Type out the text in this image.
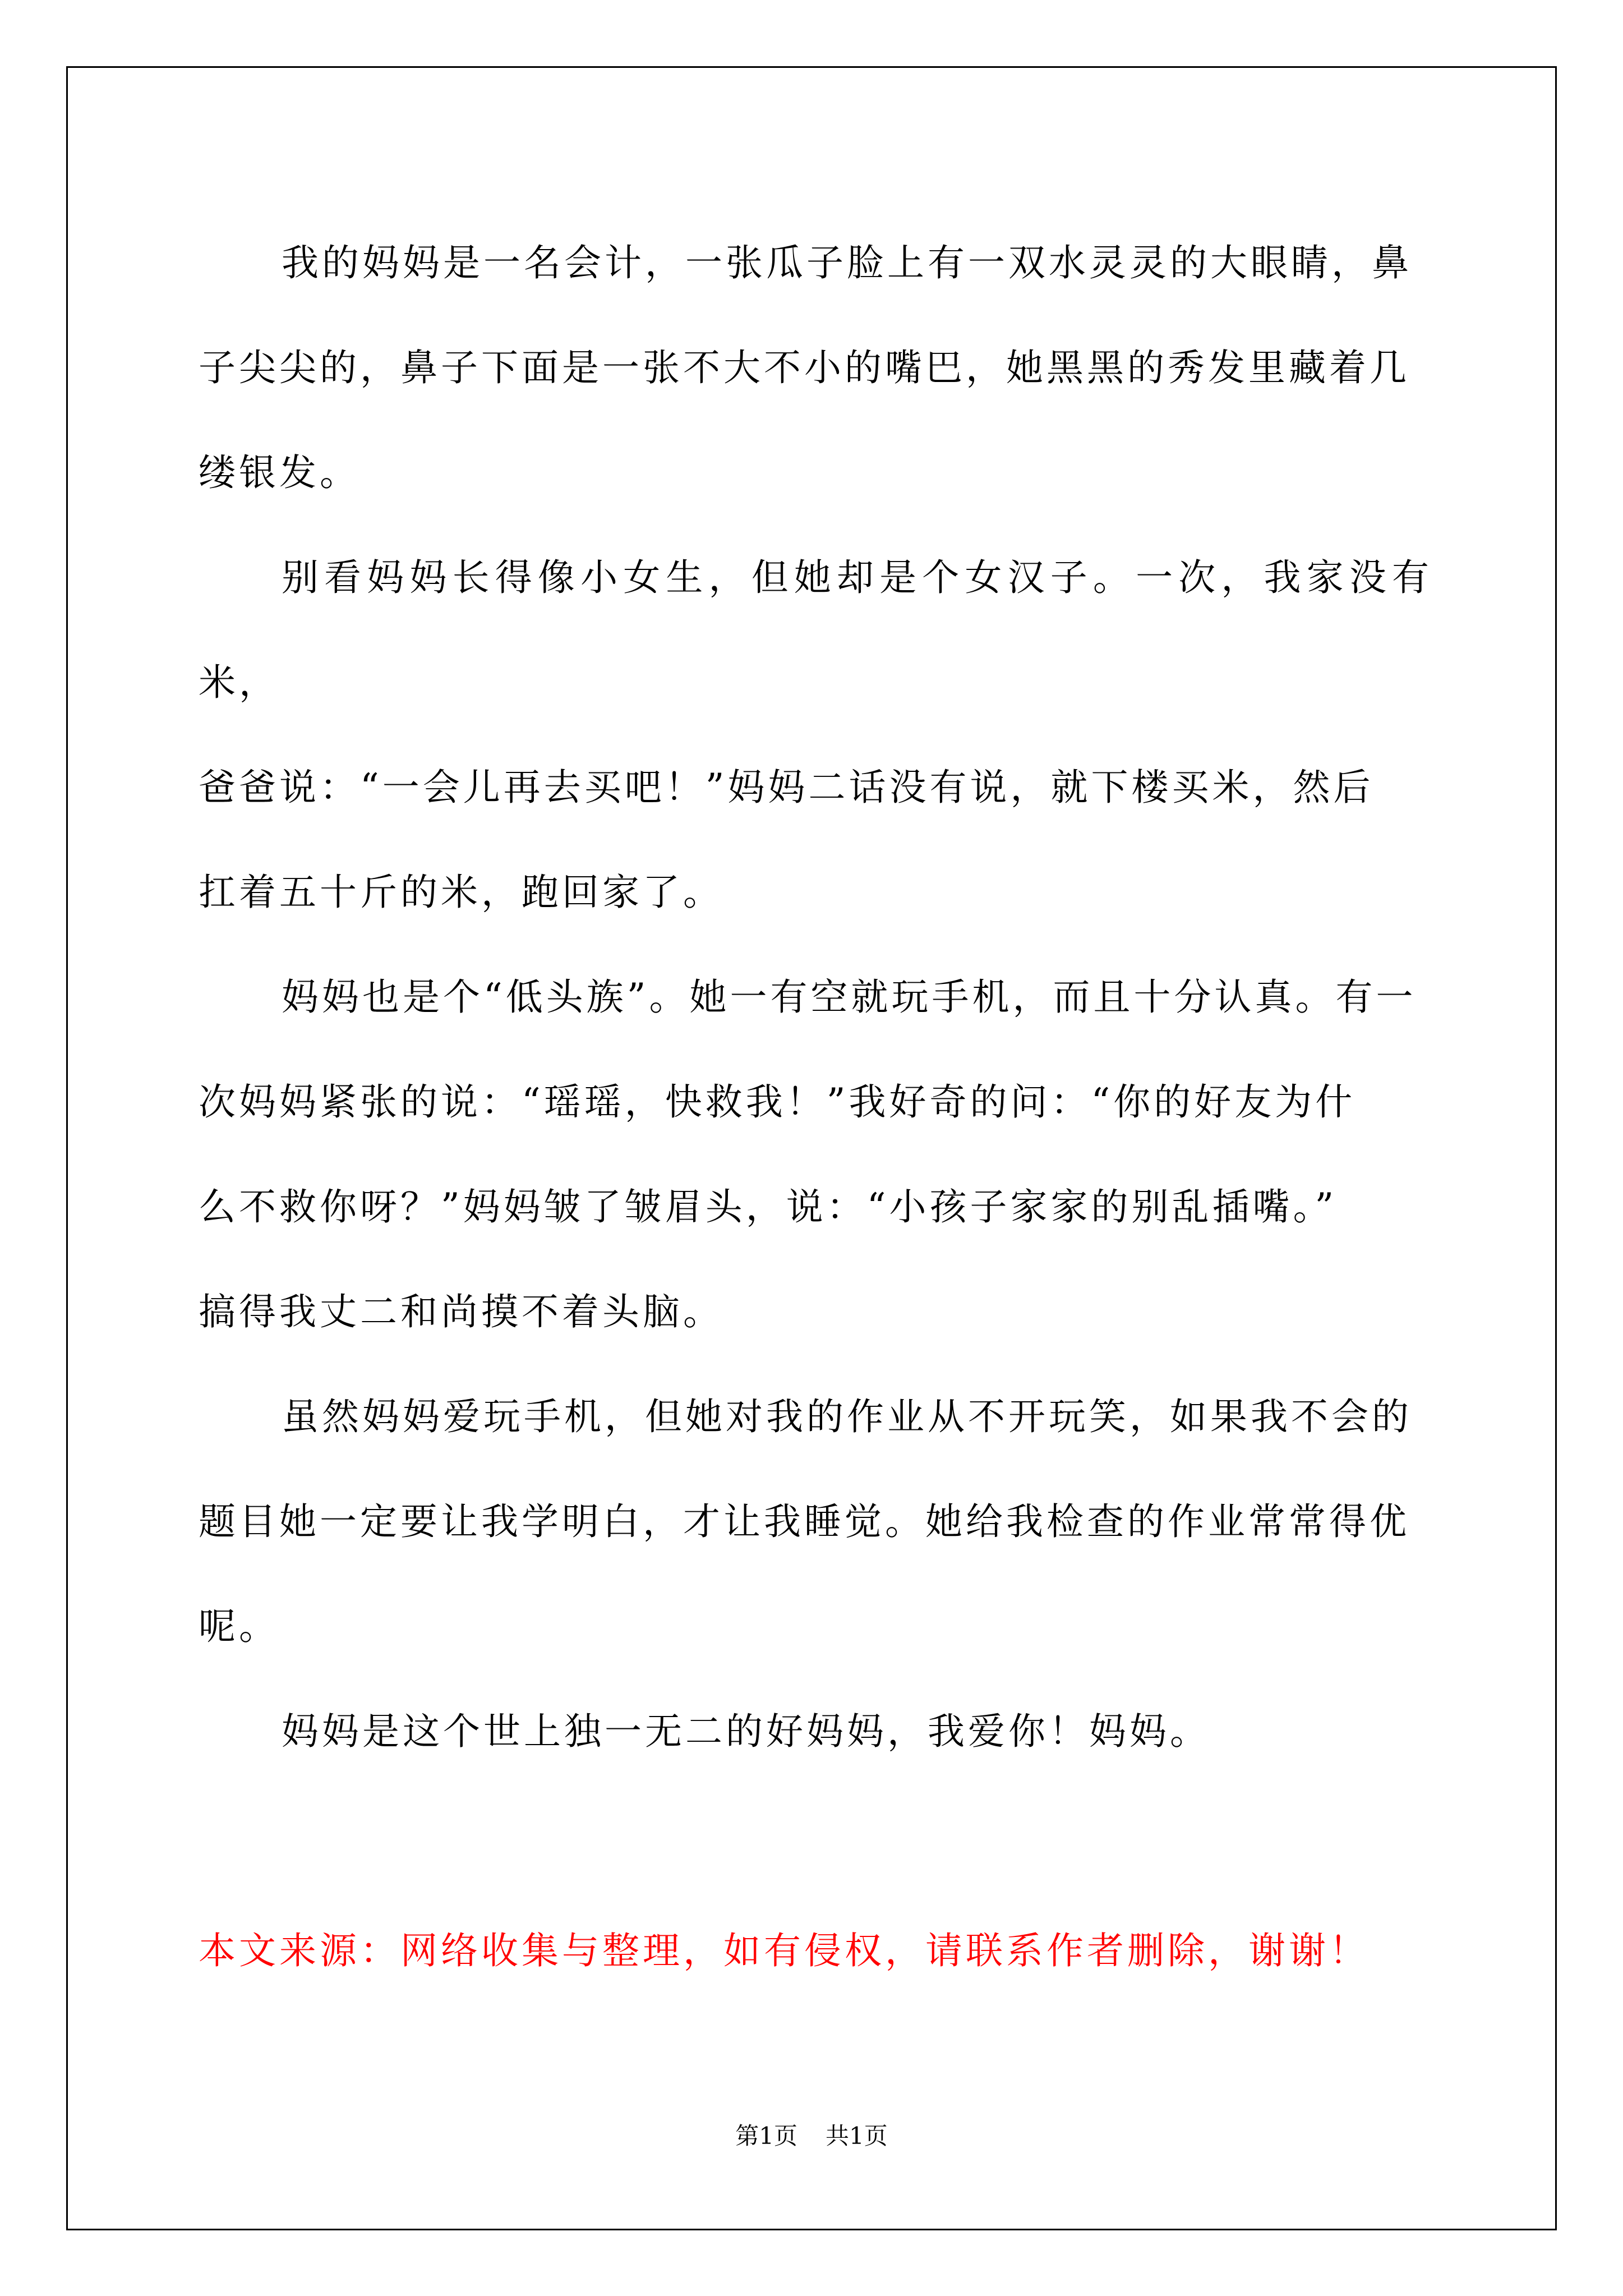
我的妈妈是一名会计，一张瓜子脸上有一双水灵灵的大眼睛，鼻
子尖尖的，鼻子下面是一张不大不小的嘴巴，她黑黑的秀发里藏着几
缕银发。

别看妈妈长得像小女生，但她却是个女汉子。一次，我家没有米，
爸爸说：“一会儿再去买吧！”妈妈二话没有说，就下楼买米，然后
扛着五十斤的米，跑回家了。

妈妈也是个“低头族”。她一有空就玩手机，而且十分认真。有一
次妈妈紧张的说：“瑶瑶，快救我！”我好奇的问：“你的好友为什
么不救你呀？”妈妈皱了皱眉头，说：“小孩子家家的别乱插嘴。”
搞得我丈二和尚摸不着头脑。

虽然妈妈爱玩手机，但她对我的作业从不开玩笑，如果我不会的
题目她一定要让我学明白，才让我睡觉。她给我检查的作业常常得优
呢。

妈妈是这个世上独一无二的好妈妈，我爱你！妈妈。

本文来源：网络收集与整理，如有侵权，请联系作者删除，谢谢！

第1页 共1页
